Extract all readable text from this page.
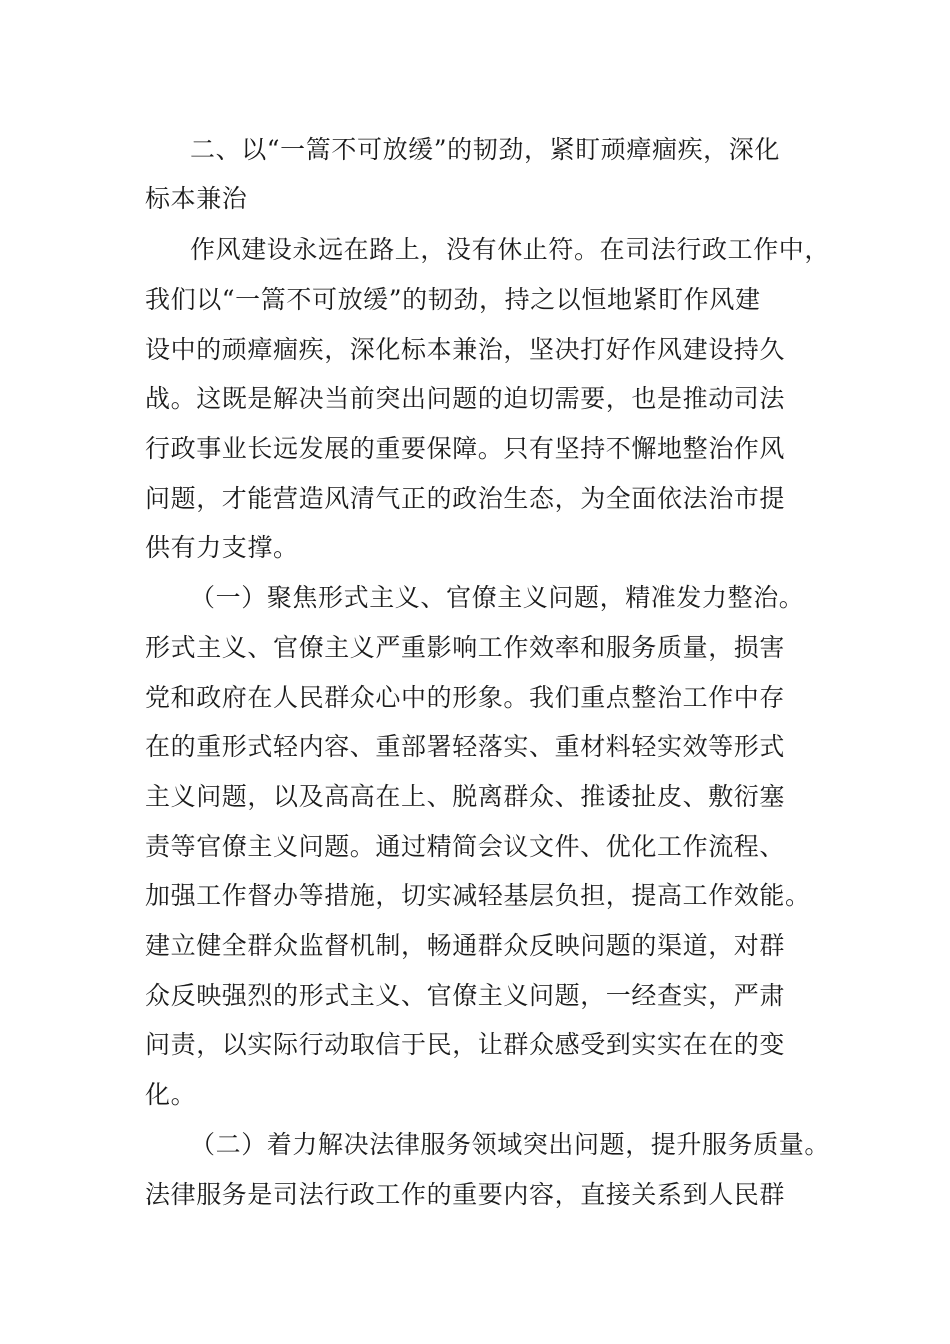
二、以“一篙不可放缓”的韧劲，紧盯顽瘴痼疾，深化
标本兼治
作风建设永远在路上，没有休止符。在司法行政工作中，
我们以“一篙不可放缓”的韧劲，持之以恒地紧盯作风建
设中的顽瘴痼疾，深化标本兼治，坚决打好作风建设持久
战。这既是解决当前突出问题的迫切需要，也是推动司法
行政事业长远发展的重要保障。只有坚持不懈地整治作风
问题，才能营造风清气正的政治生态，为全面依法治市提
供有力支撑。
（一）聚焦形式主义、官僚主义问题，精准发力整治。
形式主义、官僚主义严重影响工作效率和服务质量，损害
党和政府在人民群众心中的形象。我们重点整治工作中存
在的重形式轻内容、重部署轻落实、重材料轻实效等形式
主义问题，以及高高在上、脱离群众、推诿扯皮、敷衍塞
责等官僚主义问题。通过精简会议文件、优化工作流程、
加强工作督办等措施，切实减轻基层负担，提高工作效能。
建立健全群众监督机制，畅通群众反映问题的渠道，对群
众反映强烈的形式主义、官僚主义问题，一经查实，严肃
问责，以实际行动取信于民，让群众感受到实实在在的变
化。
（二）着力解决法律服务领域突出问题，提升服务质量。
法律服务是司法行政工作的重要内容，直接关系到人民群
